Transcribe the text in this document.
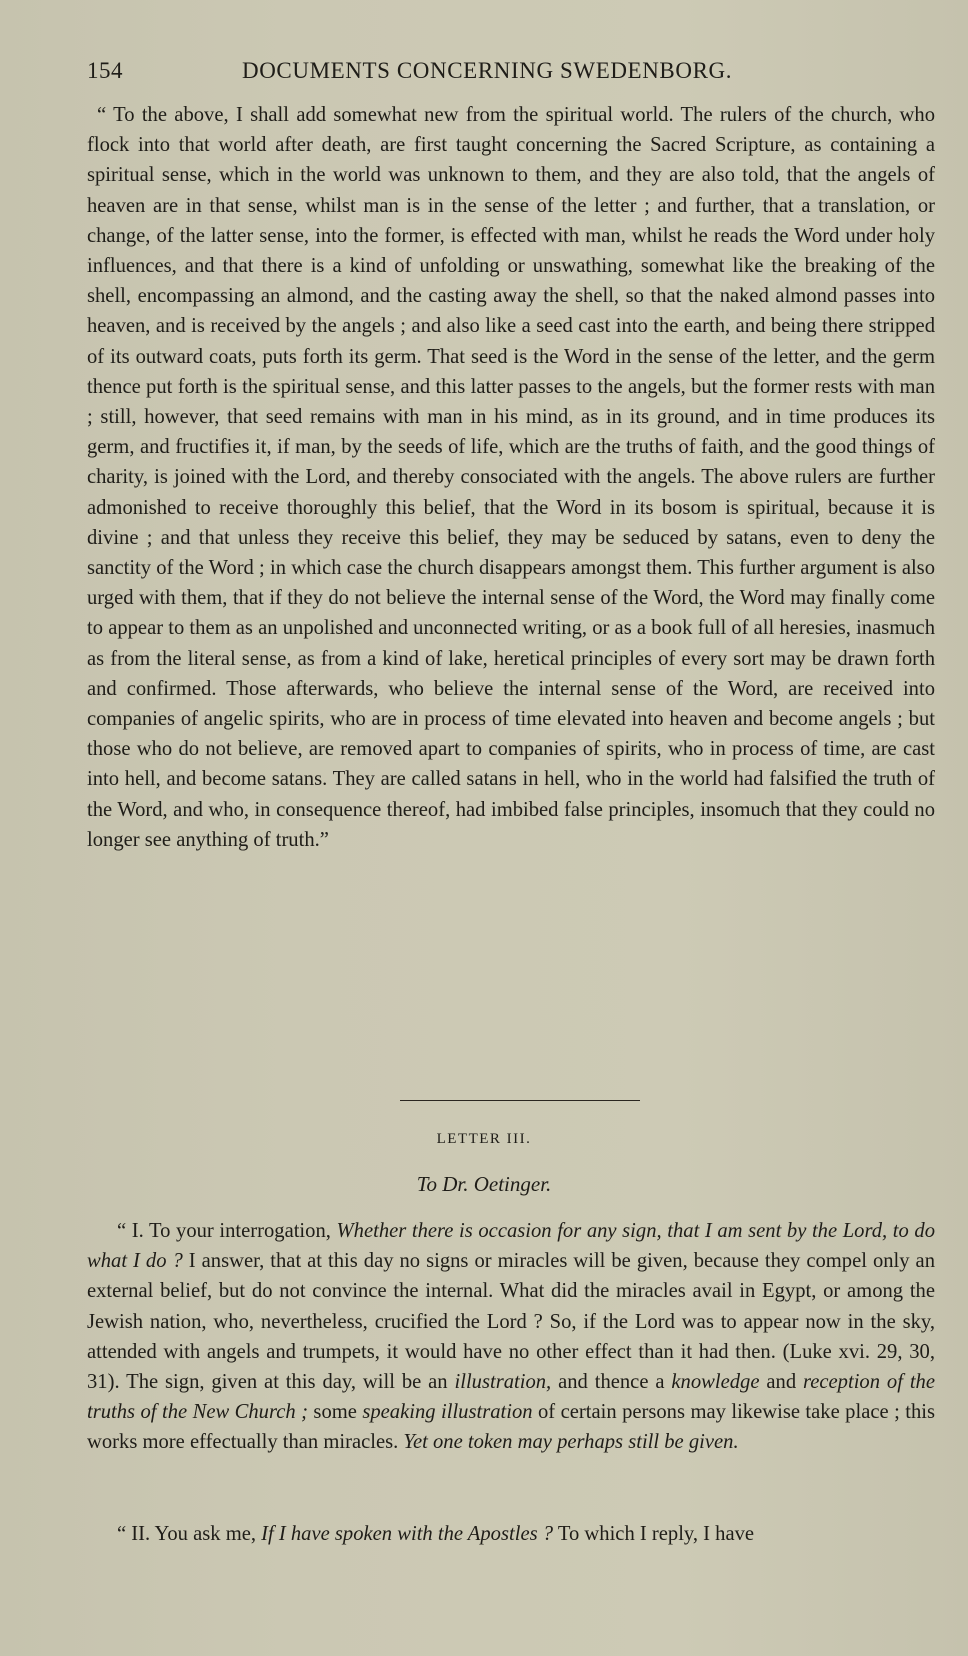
154	DOCUMENTS CONCERNING SWEDENBORG.

“ To the above, I shall add somewhat new from the spiritual world. The rulers of the church, who flock into that world after death, are first taught concerning the Sacred Scripture, as containing a spiritual sense, which in the world was unknown to them, and they are also told, that the angels of heaven are in that sense, whilst man is in the sense of the letter ; and further, that a translation, or change, of the latter sense, into the former, is effected with man, whilst he reads the Word under holy influences, and that there is a kind of unfolding or unswathing, somewhat like the breaking of the shell, encompassing an almond, and the casting away the shell, so that the naked almond passes into heaven, and is received by the angels ; and also like a seed cast into the earth, and being there stripped of its outward coats, puts forth its germ. That seed is the Word in the sense of the letter, and the germ thence put forth is the spiritual sense, and this latter passes to the angels, but the former rests with man ; still, however, that seed remains with man in his mind, as in its ground, and in time produces its germ, and fructifies it, if man, by the seeds of life, which are the truths of faith, and the good things of charity, is joined with the Lord, and thereby consociated with the angels. The above rulers are further admonished to receive thoroughly this belief, that the Word in its bosom is spiritual, because it is divine ; and that unless they receive this belief, they may be seduced by satans, even to deny the sanctity of the Word ; in which case the church disappears amongst them. This further argument is also urged with them, that if they do not believe the internal sense of the Word, the Word may finally come to appear to them as an unpolished and unconnected writing, or as a book full of all heresies, inasmuch as from the literal sense, as from a kind of lake, heretical principles of every sort may be drawn forth and confirmed. Those afterwards, who believe the internal sense of the Word, are received into companies of angelic spirits, who are in process of time elevated into heaven and become angels ; but those who do not believe, are removed apart to companies of spirits, who in process of time, are cast into hell, and become satans. They are called satans in hell, who in the world had falsified the truth of the Word, and who, in consequence thereof, had imbibed false principles, insomuch that they could no longer see anything of truth.”

LETTER III.
To Dr. Oetinger.

“ I. To your interrogation, Whether there is occasion for any sign, that I am sent by the Lord, to do what I do ? I answer, that at this day no signs or miracles will be given, because they compel only an external belief, but do not convince the internal. What did the miracles avail in Egypt, or among the Jewish nation, who, nevertheless, crucified the Lord ? So, if the Lord was to appear now in the sky, attended with angels and trumpets, it would have no other effect than it had then. (Luke xvi. 29, 30, 31). The sign, given at this day, will be an illustration, and thence a knowledge and reception of the truths of the New Church ; some speaking illustration of certain persons may likewise take place ; this works more effectually than miracles. Yet one token may perhaps still be given.

“ II. You ask me, If I have spoken with the Apostles ? To which I reply, I have
